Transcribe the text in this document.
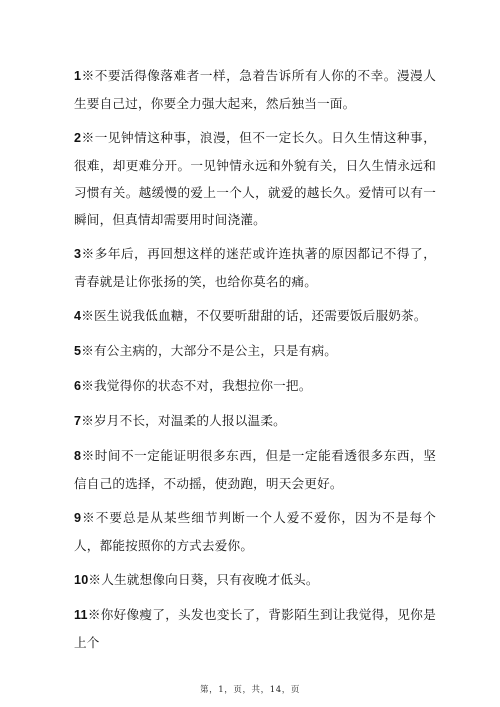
1※不要活得像落难者一样，急着告诉所有人你的不幸。漫漫人生要自己过，你要全力强大起来，然后独当一面。

2※一见钟情这种事，浪漫，但不一定长久。日久生情这种事，很难，却更难分开。一见钟情永远和外貌有关，日久生情永远和习惯有关。越缓慢的爱上一个人，就爱的越长久。爱情可以有一瞬间，但真情却需要用时间浇灌。

3※多年后，再回想这样的迷茫或许连执著的原因都记不得了，青春就是让你张扬的笑，也给你莫名的痛。

4※医生说我低血糖，不仅要听甜甜的话，还需要饭后服奶茶。

5※有公主病的，大部分不是公主，只是有病。

6※我觉得你的状态不对，我想拉你一把。

7※岁月不长，对温柔的人报以温柔。

8※时间不一定能证明很多东西，但是一定能看透很多东西，坚信自己的选择，不动摇，使劲跑，明天会更好。

9※不要总是从某些细节判断一个人爱不爱你，因为不是每个人，都能按照你的方式去爱你。

10※人生就想像向日葵，只有夜晚才低头。

11※你好像瘦了，头发也变长了，背影陌生到让我觉得，见你是上个

第，1，页，共，14，页
